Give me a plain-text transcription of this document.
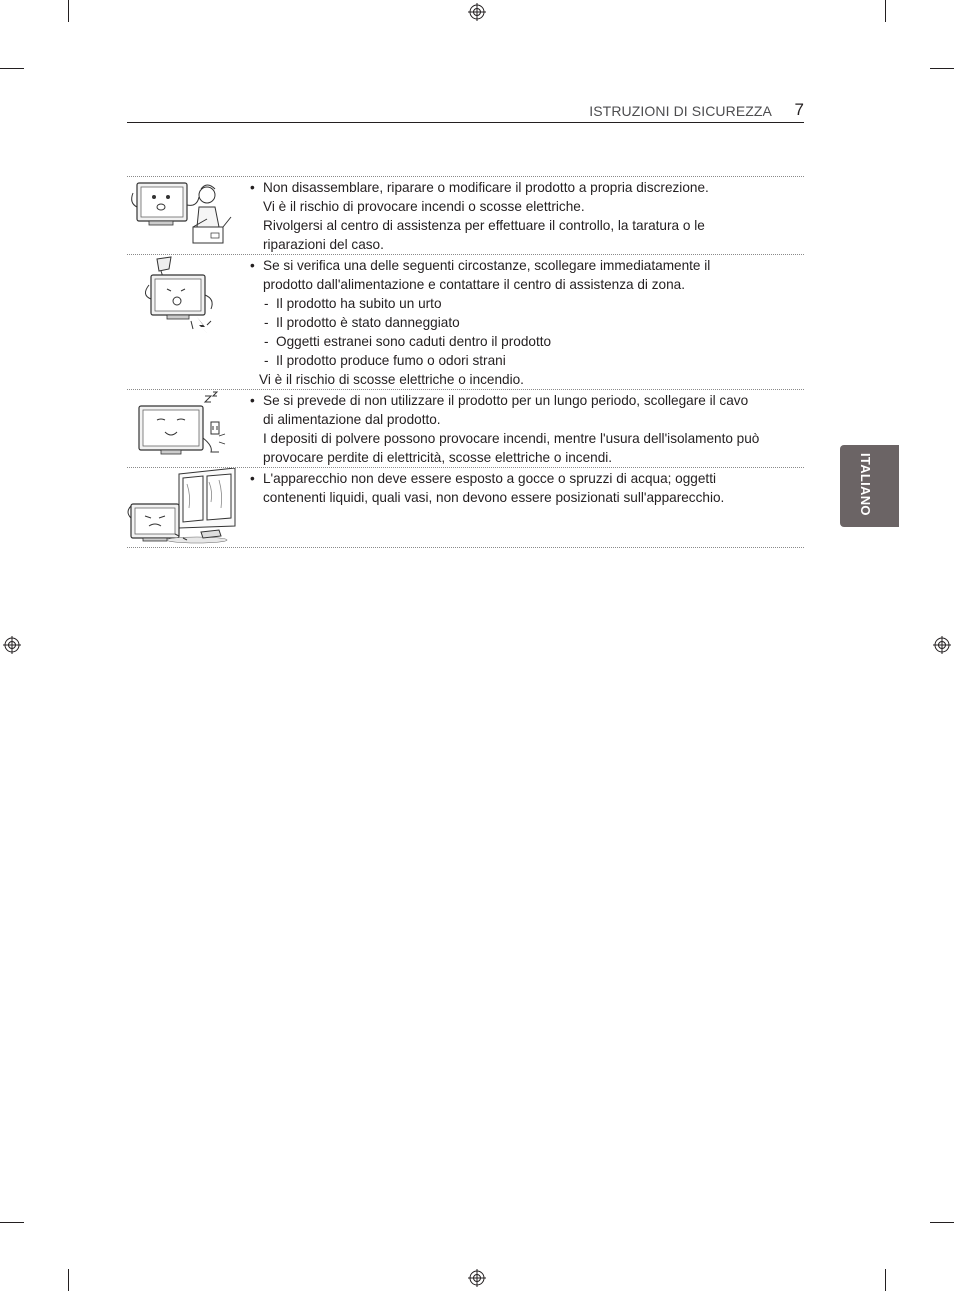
ISTRUZIONI DI SICUREZZA 7
ITALIANO
• Non disassemblare, riparare o modificare il prodotto a propria discrezione.
Vi è il rischio di provocare incendi o scosse elettriche.
Rivolgersi al centro di assistenza per effettuare il controllo, la taratura o le
riparazioni del caso.
• Se si verifica una delle seguenti circostanze, scollegare immediatamente il
prodotto dall'alimentazione e contattare il centro di assistenza di zona.
- Il prodotto ha subito un urto
- Il prodotto è stato danneggiato
- Oggetti estranei sono caduti dentro il prodotto
- Il prodotto produce fumo o odori strani
Vi è il rischio di scosse elettriche o incendio.
• Se si prevede di non utilizzare il prodotto per un lungo periodo, scollegare il cavo
di alimentazione dal prodotto.
I depositi di polvere possono provocare incendi, mentre l'usura dell'isolamento può
provocare perdite di elettricità, scosse elettriche o incendi.
• L'apparecchio non deve essere esposto a gocce o spruzzi di acqua; oggetti
contenenti liquidi, quali vasi, non devono essere posizionati sull'apparecchio.
